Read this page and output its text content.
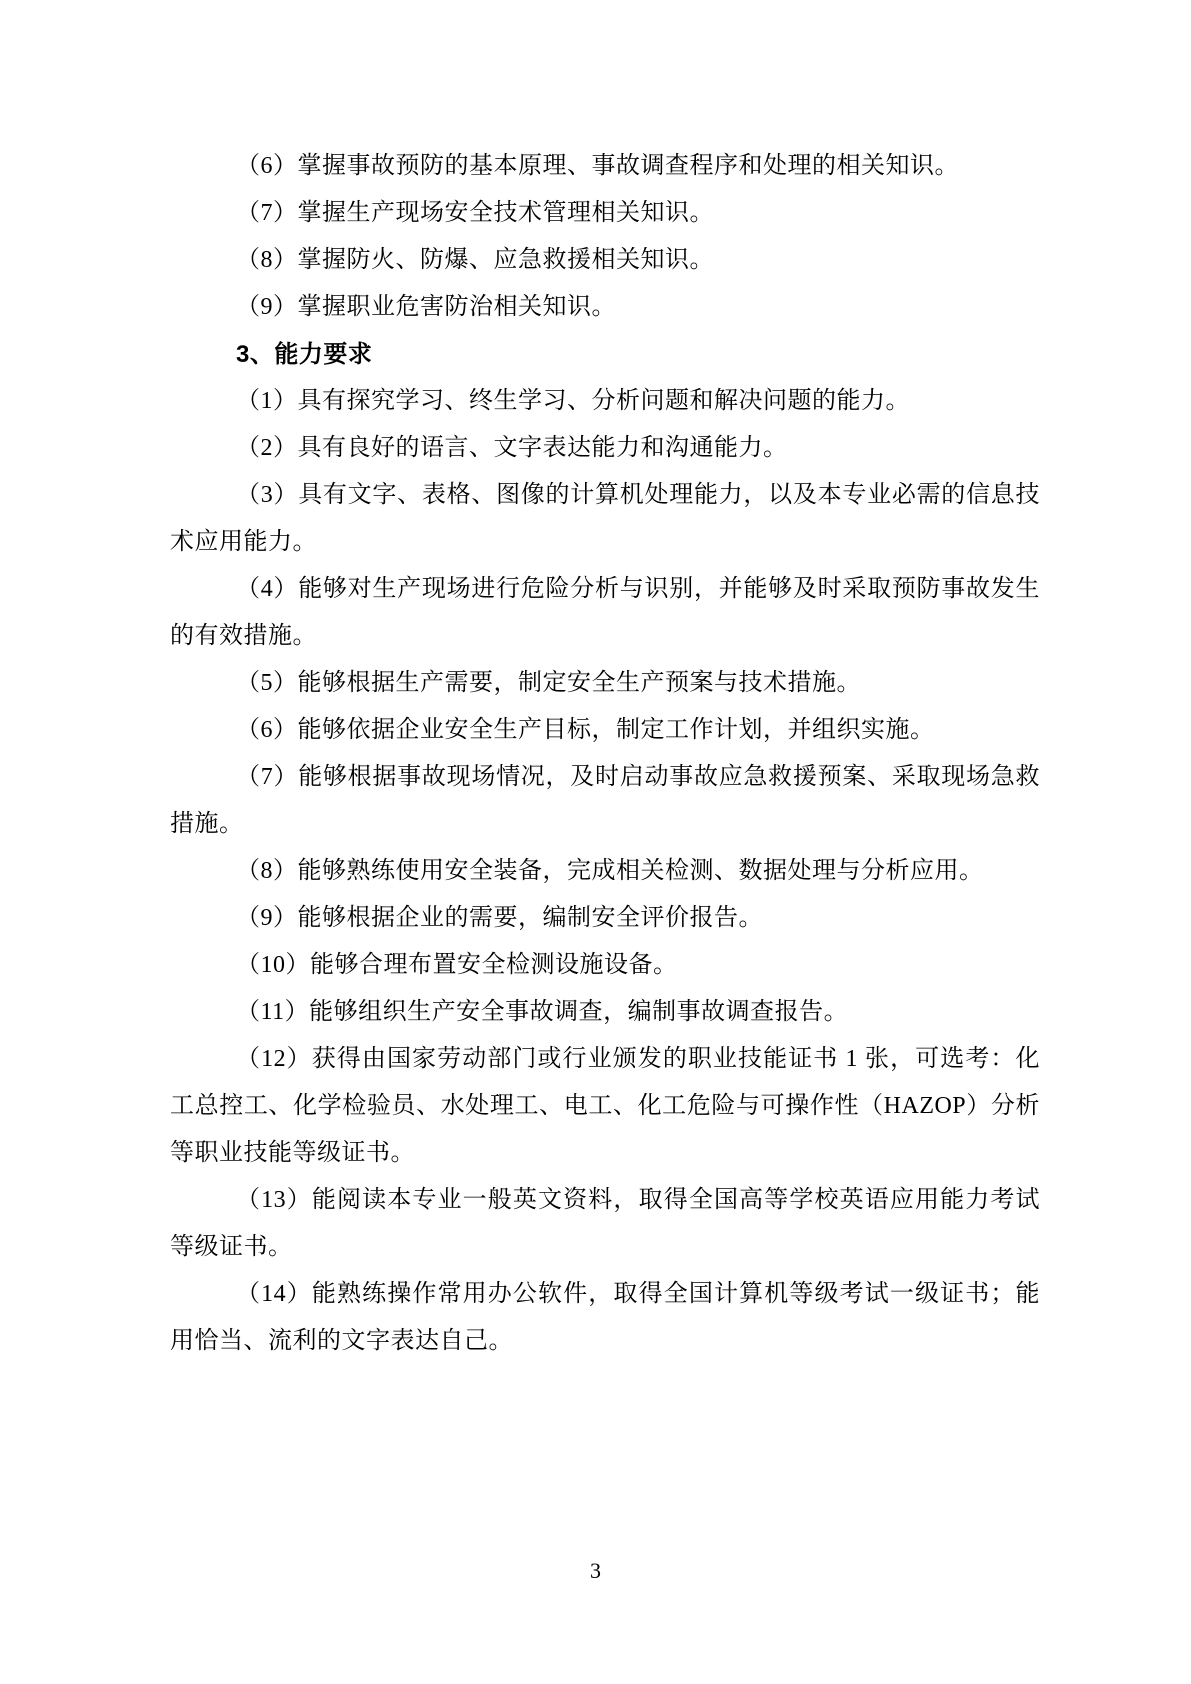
（6）掌握事故预防的基本原理、事故调查程序和处理的相关知识。

（7）掌握生产现场安全技术管理相关知识。

（8）掌握防火、防爆、应急救援相关知识。

（9）掌握职业危害防治相关知识。

3、能力要求

（1）具有探究学习、终生学习、分析问题和解决问题的能力。

（2）具有良好的语言、文字表达能力和沟通能力。

（3）具有文字、表格、图像的计算机处理能力，以及本专业必需的信息技术应用能力。

（4）能够对生产现场进行危险分析与识别，并能够及时采取预防事故发生的有效措施。

（5）能够根据生产需要，制定安全生产预案与技术措施。

（6）能够依据企业安全生产目标，制定工作计划，并组织实施。

（7）能够根据事故现场情况，及时启动事故应急救援预案、采取现场急救措施。

（8）能够熟练使用安全装备，完成相关检测、数据处理与分析应用。

（9）能够根据企业的需要，编制安全评价报告。

（10）能够合理布置安全检测设施设备。

（11）能够组织生产安全事故调查，编制事故调查报告。

（12）获得由国家劳动部门或行业颁发的职业技能证书 1 张，可选考：化工总控工、化学检验员、水处理工、电工、化工危险与可操作性（HAZOP）分析等职业技能等级证书。

（13）能阅读本专业一般英文资料，取得全国高等学校英语应用能力考试等级证书。

（14）能熟练操作常用办公软件，取得全国计算机等级考试一级证书；能用恰当、流利的文字表达自己。

3
